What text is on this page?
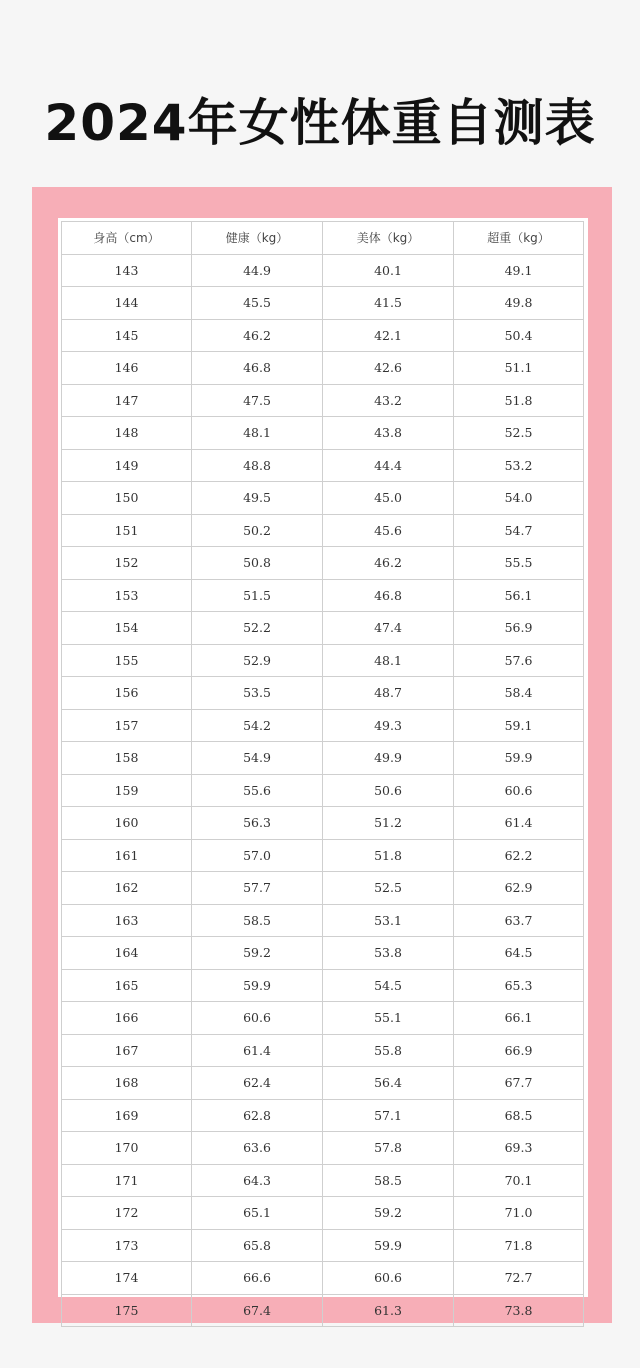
2024年女性体重自测表
身高（cm）	健康（kg）	美体（kg）	超重（kg）
143	44.9	40.1	49.1
144	45.5	41.5	49.8
145	46.2	42.1	50.4
146	46.8	42.6	51.1
147	47.5	43.2	51.8
148	48.1	43.8	52.5
149	48.8	44.4	53.2
150	49.5	45.0	54.0
151	50.2	45.6	54.7
152	50.8	46.2	55.5
153	51.5	46.8	56.1
154	52.2	47.4	56.9
155	52.9	48.1	57.6
156	53.5	48.7	58.4
157	54.2	49.3	59.1
158	54.9	49.9	59.9
159	55.6	50.6	60.6
160	56.3	51.2	61.4
161	57.0	51.8	62.2
162	57.7	52.5	62.9
163	58.5	53.1	63.7
164	59.2	53.8	64.5
165	59.9	54.5	65.3
166	60.6	55.1	66.1
167	61.4	55.8	66.9
168	62.4	56.4	67.7
169	62.8	57.1	68.5
170	63.6	57.8	69.3
171	64.3	58.5	70.1
172	65.1	59.2	71.0
173	65.8	59.9	71.8
174	66.6	60.6	72.7
175	67.4	61.3	73.8
